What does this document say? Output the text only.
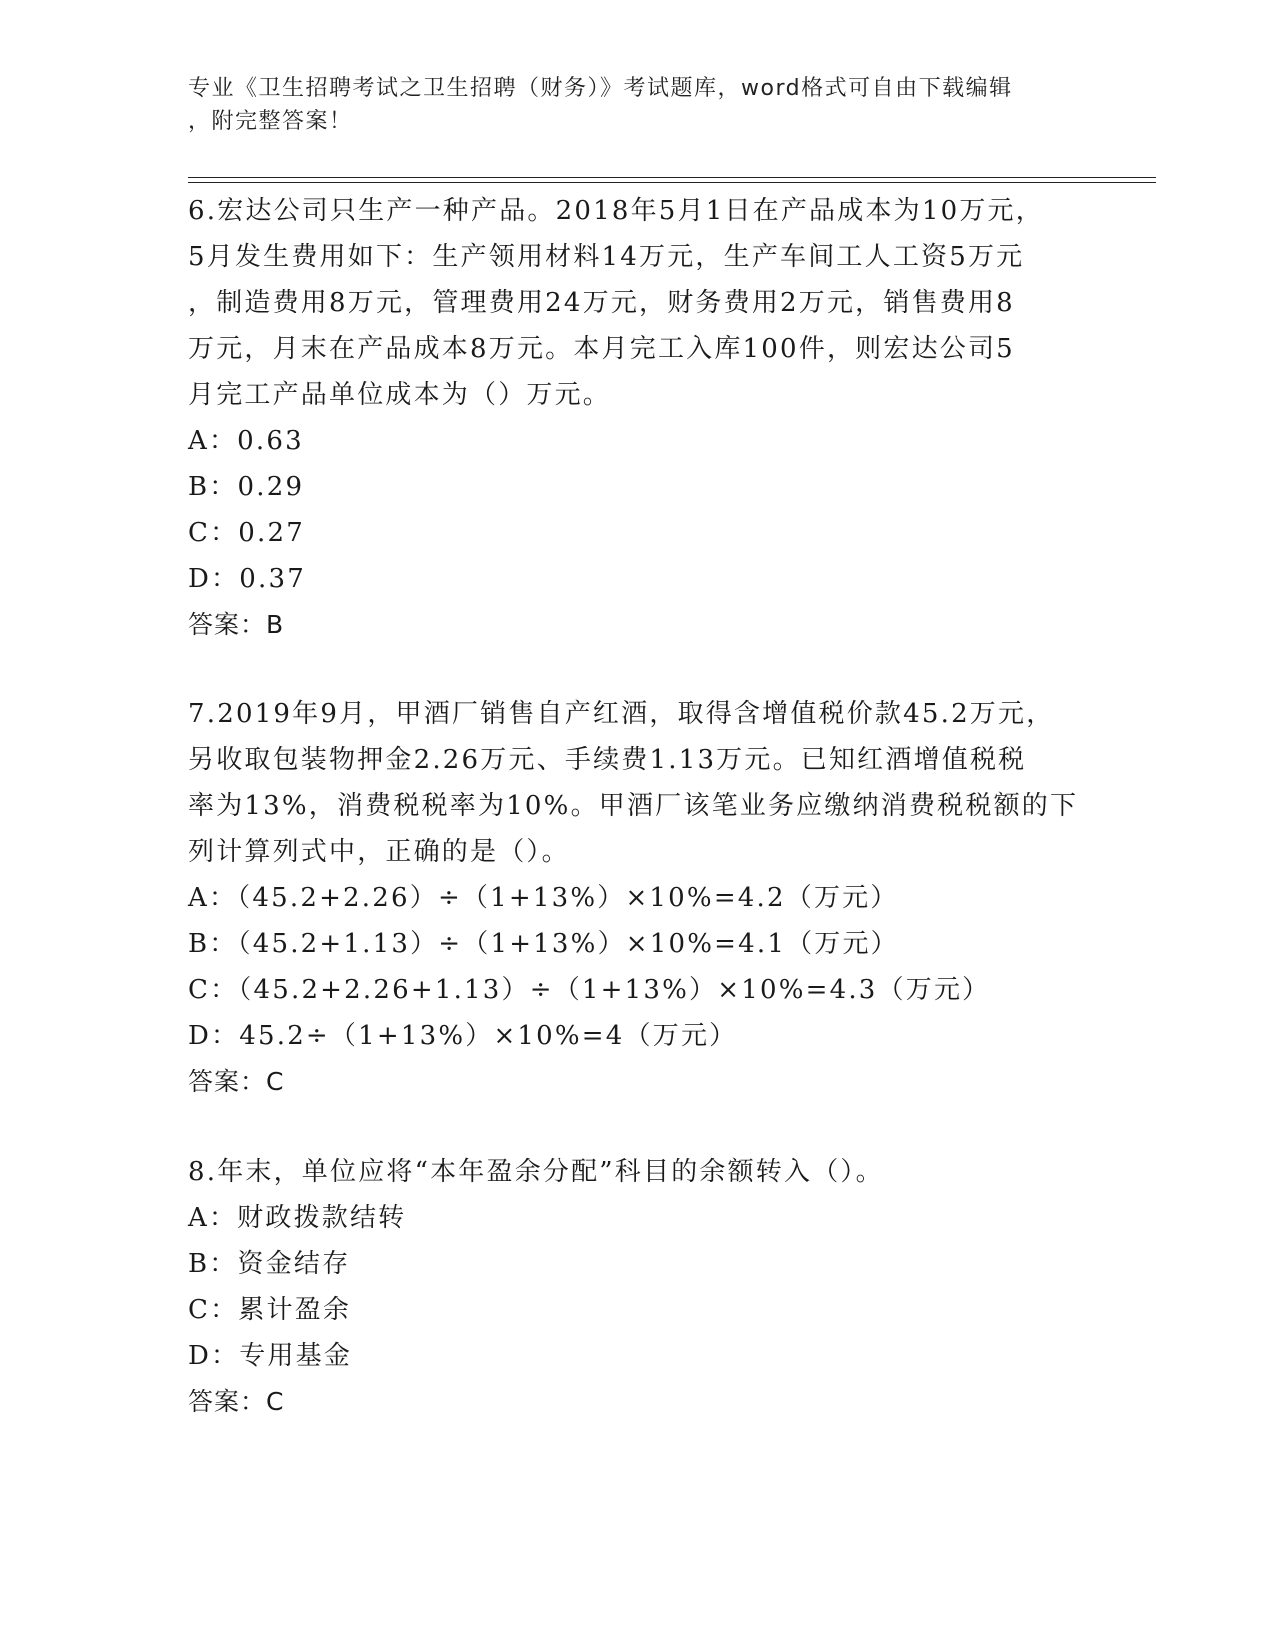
专业《卫生招聘考试之卫生招聘（财务）》考试题库，word格式可自由下载编辑
，附完整答案！
6.宏达公司只生产一种产品。2018年5月1日在产品成本为10万元，
5月发生费用如下：生产领用材料14万元，生产车间工人工资5万元
，制造费用8万元，管理费用24万元，财务费用2万元，销售费用8
万元，月末在产品成本8万元。本月完工入库100件，则宏达公司5
月完工产品单位成本为（）万元。
A：0.63
B：0.29
C：0.27
D：0.37
答案：B
7.2019年9月，甲酒厂销售自产红酒，取得含增值税价款45.2万元，
另收取包装物押金2.26万元、手续费1.13万元。已知红酒增值税税
率为13%，消费税税率为10%。甲酒厂该笔业务应缴纳消费税税额的下
列计算列式中，正确的是（）。
A：（45.2+2.26）÷（1+13%）×10%=4.2（万元）
B：（45.2+1.13）÷（1+13%）×10%=4.1（万元）
C：（45.2+2.26+1.13）÷（1+13%）×10%=4.3（万元）
D：45.2÷（1+13%）×10%=4（万元）
答案：C
8.年末，单位应将“本年盈余分配”科目的余额转入（）。
A：财政拨款结转
B：资金结存
C：累计盈余
D：专用基金
答案：C
